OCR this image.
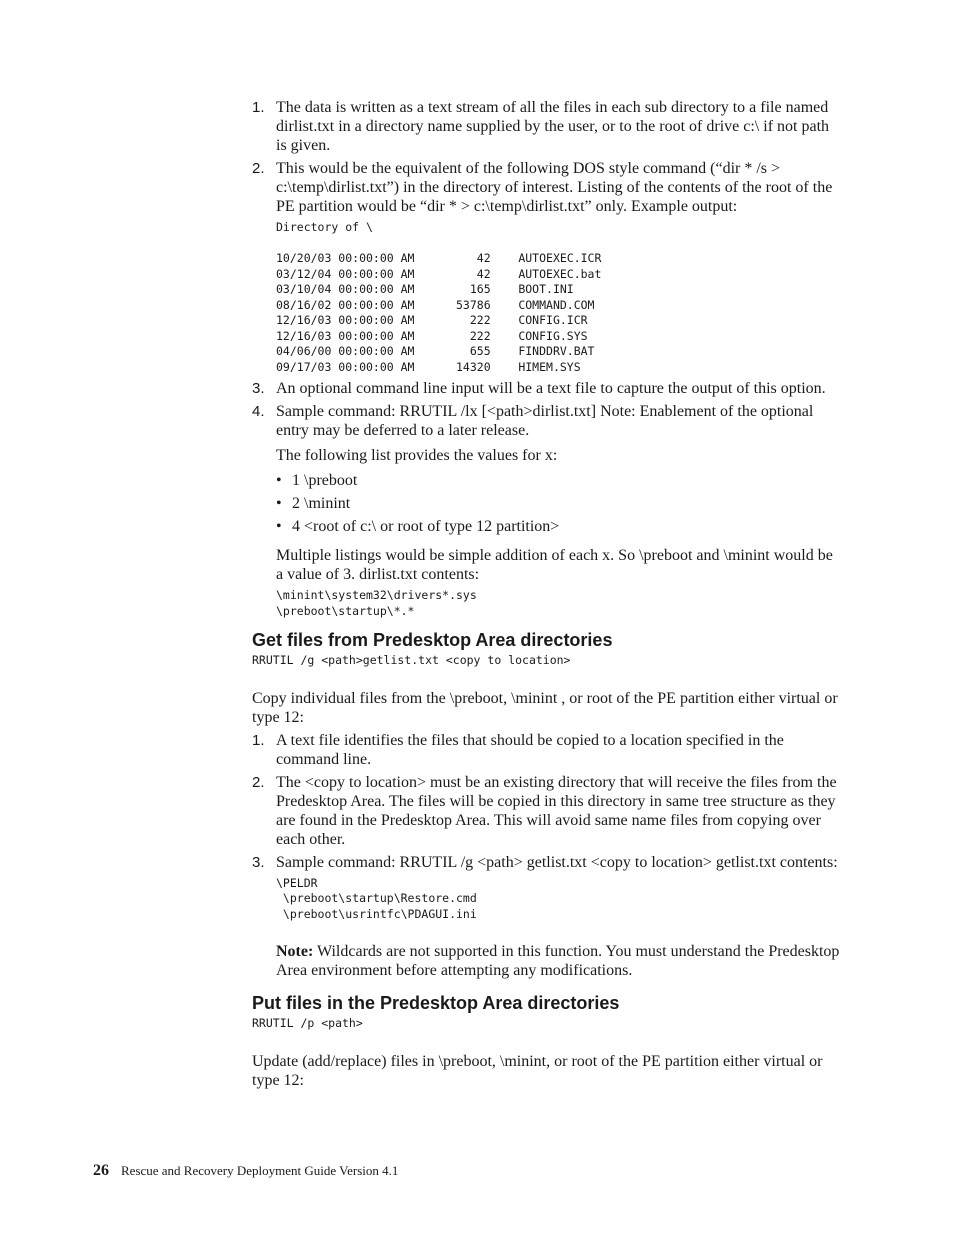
1. The data is written as a text stream of all the files in each sub directory to a file named dirlist.txt in a directory name supplied by the user, or to the root of drive c:\ if not path is given.

2. This would be the equivalent of the following DOS style command (“dir * /s > c:\temp\dirlist.txt”) in the directory of interest. Listing of the contents of the root of the PE partition would be “dir * > c:\temp\dirlist.txt” only. Example output:

Directory of \

10/20/03 00:00:00 AM         42    AUTOEXEC.ICR
03/12/04 00:00:00 AM         42    AUTOEXEC.bat
03/10/04 00:00:00 AM        165    BOOT.INI
08/16/02 00:00:00 AM      53786    COMMAND.COM
12/16/03 00:00:00 AM        222    CONFIG.ICR
12/16/03 00:00:00 AM        222    CONFIG.SYS
04/06/00 00:00:00 AM        655    FINDDRV.BAT
09/17/03 00:00:00 AM      14320    HIMEM.SYS
3. An optional command line input will be a text file to capture the output of this option.

4. Sample command: RRUTIL /lx [<path>dirlist.txt] Note: Enablement of the optional entry may be deferred to a later release.

The following list provides the values for x:

• 1 \preboot
• 2 \minint
• 4 <root of c:\ or root of type 12 partition>

Multiple listings would be simple addition of each x. So \preboot and \minint would be a value of 3. dirlist.txt contents:

\minint\system32\drivers*.sys
\preboot\startup\*.*
Get files from Predesktop Area directories
RRUTIL /g <path>getlist.txt <copy to location>

Copy individual files from the \preboot, \minint , or root of the PE partition either virtual or type 12:

1. A text file identifies the files that should be copied to a location specified in the command line.

2. The <copy to location> must be an existing directory that will receive the files from the Predesktop Area. The files will be copied in this directory in same tree structure as they are found in the Predesktop Area. This will avoid same name files from copying over each other.

3. Sample command: RRUTIL /g <path> getlist.txt <copy to location> getlist.txt contents:

\PELDR
\preboot\startup\Restore.cmd
\preboot\usrintfc\PDAGUI.ini

Note: Wildcards are not supported in this function. You must understand the Predesktop Area environment before attempting any modifications.

Put files in the Predesktop Area directories
RRUTIL /p <path>

Update (add/replace) files in \preboot, \minint, or root of the PE partition either virtual or type 12:

26 Rescue and Recovery Deployment Guide Version 4.1
